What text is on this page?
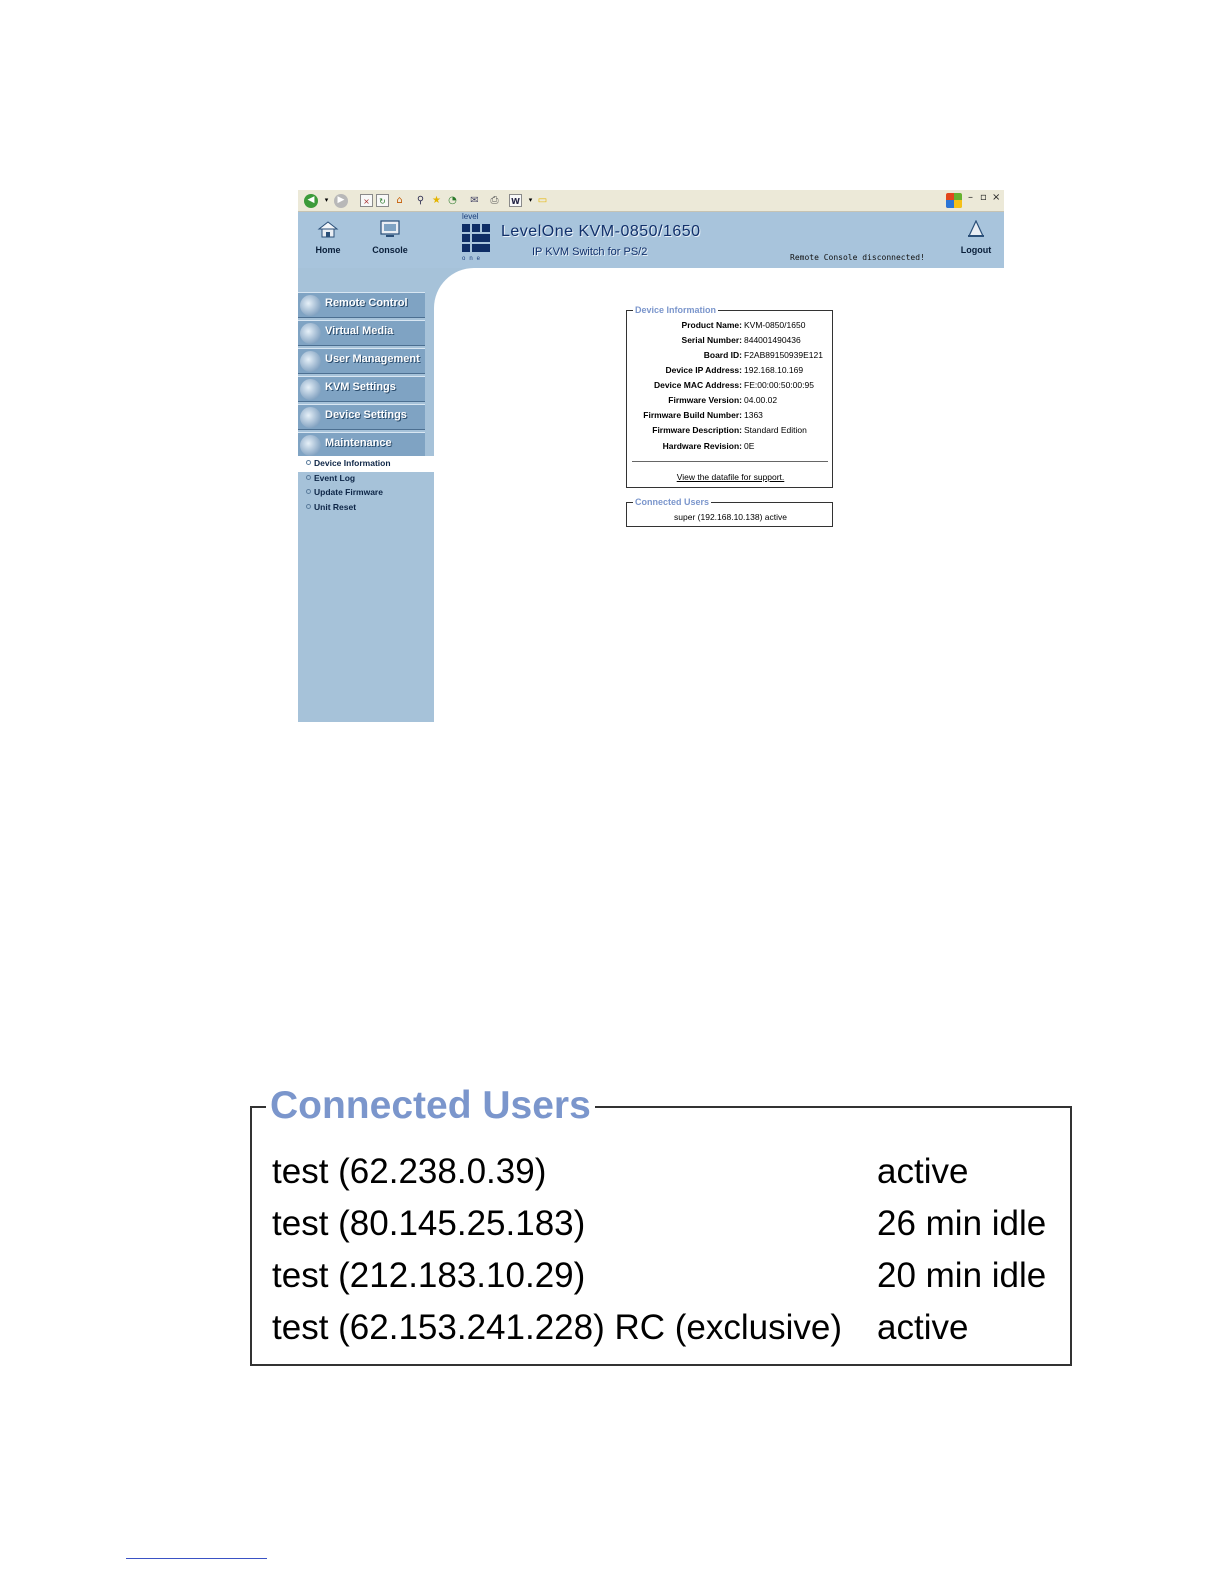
◀	▾	▶	×	↻	⌂	⚲ ★ ◔ ✉ ⎙	W	▾ ▭	– ▫ ×
Home	Console
level
one
LevelOne KVM-0850/1650
IP KVM Switch for PS/2	Remote Console disconnected!
Logout
Remote Control
Virtual Media
User Management
KVM Settings
Device Settings
Maintenance
Device Information
Event Log
Update Firmware
Unit Reset
Device Information
Product Name: KVM-0850/1650
Serial Number: 844001490436
Board ID: F2AB89150939E121
Device IP Address: 192.168.10.169
Device MAC Address: FE:00:00:50:00:95
Firmware Version: 04.00.02
Firmware Build Number: 1363
Firmware Description: Standard Edition
Hardware Revision: 0E
View the datafile for support.
Connected Users
super (192.168.10.138) active
Connected Users
test (62.238.0.39)	active
test (80.145.25.183)	26 min idle
test (212.183.10.29)	20 min idle
test (62.153.241.228) RC (exclusive) active
